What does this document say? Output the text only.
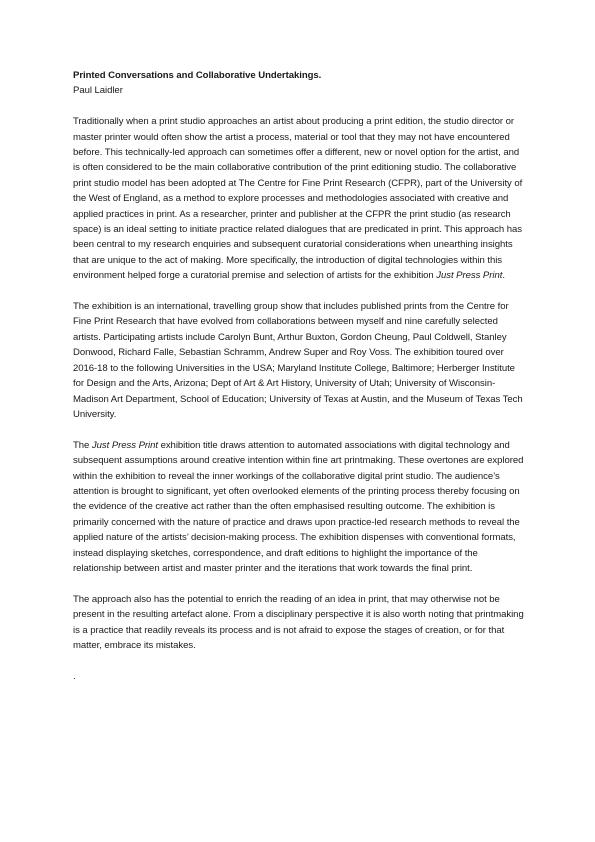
Printed Conversations and Collaborative Undertakings.

Paul Laidler

Traditionally when a print studio approaches an artist about producing a print edition, the studio director or master printer would often show the artist a process, material or tool that they may not have encountered before. This technically-led approach can sometimes offer a different, new or novel option for the artist, and is often considered to be the main collaborative contribution of the print editioning studio. The collaborative print studio model has been adopted at The Centre for Fine Print Research (CFPR), part of the University of the West of England, as a method to explore processes and methodologies associated with creative and applied practices in print. As a researcher, printer and publisher at the CFPR the print studio (as research space) is an ideal setting to initiate practice related dialogues that are predicated in print. This approach has been central to my research enquiries and subsequent curatorial considerations when unearthing insights that are unique to the act of making. More specifically, the introduction of digital technologies within this environment helped forge a curatorial premise and selection of artists for the exhibition Just Press Print.

The exhibition is an international, travelling group show that includes published prints from the Centre for Fine Print Research that have evolved from collaborations between myself and nine carefully selected artists. Participating artists include Carolyn Bunt, Arthur Buxton, Gordon Cheung, Paul Coldwell, Stanley Donwood, Richard Falle, Sebastian Schramm, Andrew Super and Roy Voss. The exhibition toured over 2016-18 to the following Universities in the USA; Maryland Institute College, Baltimore; Herberger Institute for Design and the Arts, Arizona; Dept of Art & Art History, University of Utah; University of Wisconsin-Madison Art Department, School of Education; University of Texas at Austin, and the Museum of Texas Tech University.

The Just Press Print exhibition title draws attention to automated associations with digital technology and subsequent assumptions around creative intention within fine art printmaking. These overtones are explored within the exhibition to reveal the inner workings of the collaborative digital print studio. The audience’s attention is brought to significant, yet often overlooked elements of the printing process thereby focusing on the evidence of the creative act rather than the often emphasised resulting outcome. The exhibition is primarily concerned with the nature of practice and draws upon practice-led research methods to reveal the applied nature of the artists’ decision-making process. The exhibition dispenses with conventional formats, instead displaying sketches, correspondence, and draft editions to highlight the importance of the relationship between artist and master printer and the iterations that work towards the final print.

The approach also has the potential to enrich the reading of an idea in print, that may otherwise not be present in the resulting artefact alone. From a disciplinary perspective it is also worth noting that printmaking is a practice that readily reveals its process and is not afraid to expose the stages of creation, or for that matter, embrace its mistakes.

.
